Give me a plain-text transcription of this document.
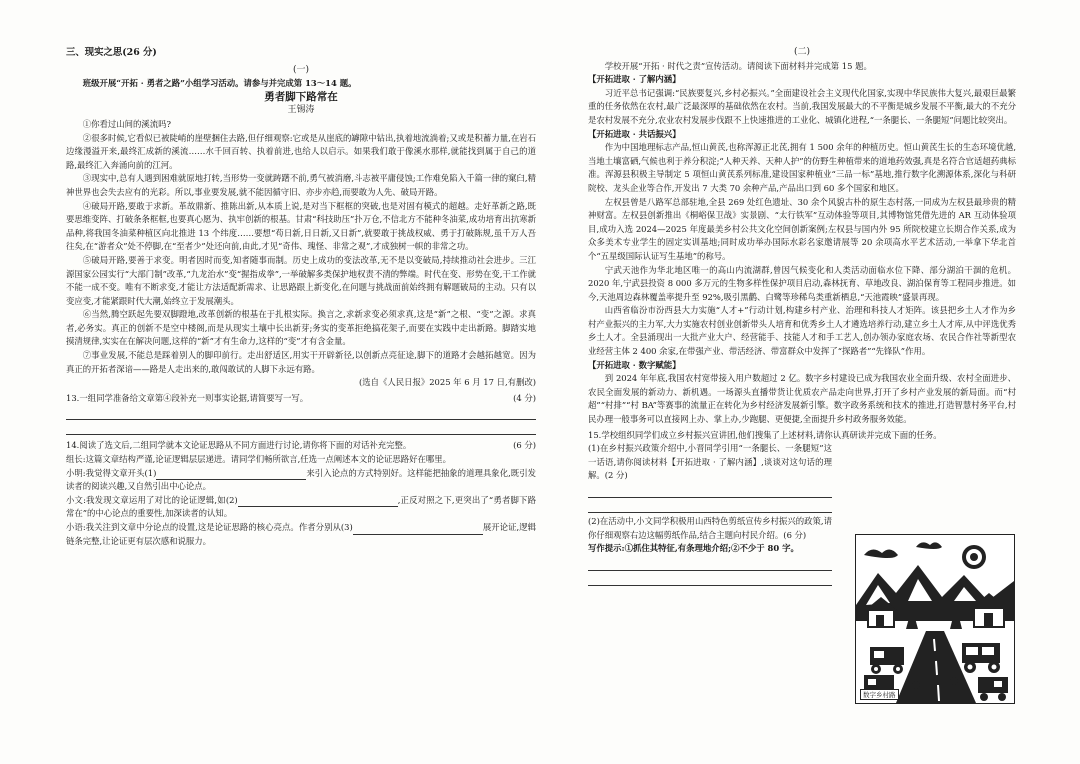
三、现实之思(26 分)

(一)

班级开展“开拓 · 勇者之路”小组学习活动。请参与并完成第 13～14 题。

勇者脚下路常在

王锡涛

①你看过山间的溪流吗?

②很多时候,它看似已被陡峭的崖壁捆住去路,但仔细观察:它或是从崖底的罅隙中钻出,执着地流淌着;又或是积蓄力量,在岩石边缘漫溢开来,最终汇成新的溪流……水千回百转、执着前进,也给人以启示。如果我们敢于像溪水那样,就能找到属于自己的道路,最终汇入奔涌向前的江河。

③现实中,总有人遇到困难就原地打转,当形势一变就踌躇不前,勇气被消磨,斗志被平庸侵蚀;工作难免陷入千篇一律的窠臼,精神世界也会失去应有的光彩。所以,事业要发展,就不能因循守旧、亦步亦趋,而要敢为人先、破局开路。

④破局开路,要敢于求新。革故鼎新、推陈出新,从本质上说,是对当下框框的突破,也是对固有模式的超越。走好革新之路,既要思维变阵、打破条条框框,也要真心愿为、执牢创新的根基。甘肃“科技助压”扑万仓,不信北方不能种冬油菜,成功培育出抗寒新品种,将我国冬油菜种植区向北推进 13 个纬度……要想“苟日新,日日新,又日新”,就要敢于挑战权威、勇于打破陈规,虽千万人吾往矣,在“游者众”处不停脚,在“至者少”处还向前,由此,才见“奇伟、瑰怪、非常之观”,才成独树一帜的非常之功。

⑤破局开路,要善于求变。明者因时而变,知者随事而制。历史上成功的变法改革,无不是以变破局,持续推动社会进步。三江源国家公园实行“大部门制”改革,“九龙治水”变“握指成拳”,一举破解多类保护地权责不清的弊端。时代在变、形势在变,干工作就不能一成不变。唯有不断求变,才能让方法适配新需求、让思路跟上新变化,在问题与挑战面前始终拥有解题破局的主动。只有以变应变,才能紧跟时代大潮,始终立于发展潮头。

⑥当然,腾空跃起先要双脚蹬地,改革创新的根基在于扎根实际。换言之,求新求变必须求真,这是“新”之根、“变”之源。求真者,必务实。真正的创新不是空中楼阁,而是从现实土壤中长出新芽;务实的变革拒绝搞花架子,而要在实践中走出新路。脚踏实地摸清规律,实实在在解决问题,这样的“新”才有生命力,这样的“变”才有含金量。

⑦事业发展,不能总是踩着别人的脚印前行。走出舒适区,用实干开辟新径,以创新点亮征途,脚下的道路才会越拓越宽。因为真正的开拓者深谙——路是人走出来的,敢闯敢试的人脚下永远有路。

(选自《人民日报》2025 年 6 月 17 日,有删改)

(4 分)
13.一组同学准备给文章第④段补充一则事实论据,请简要写一写。
(6 分)
14.阅读了选文后,二组同学就本文论证思路从不同方面进行讨论,请你将下面的对话补充完整。

组长:这篇文章结构严谨,论证逻辑层层递进。请同学们畅所欲言,任选一点阐述本文的论证思路好在哪里。

小明:我觉得文章开头(1)	来引入论点的方式特别好。这样能把抽象的道理具象化,既引发读者的阅读兴趣,又自然引出中心论点。

小文:我发现文章运用了对比的论证逻辑,如(2)	,正反对照之下,更突出了“勇者脚下路常在”的中心论点的重要性,加深读者的认知。

小语:我关注到文章中分论点的设置,这是论证思路的核心亮点。作者分别从(3)	展开论证,逻辑链条完整,让论证更有层次感和说服力。

(二)

学校开展“开拓 · 时代之责”宣传活动。请阅读下面材料并完成第 15 题。

【开拓进取 · 了解内涵】

习近平总书记强调:“民族要复兴,乡村必振兴。”全面建设社会主义现代化国家,实现中华民族伟大复兴,最艰巨最繁重的任务依然在农村,最广泛最深厚的基础依然在农村。当前,我国发展最大的不平衡是城乡发展不平衡,最大的不充分是农村发展不充分,农业农村发展步伐跟不上快速推进的工业化、城镇化进程,“一条腿长、一条腿短”问题比较突出。

【开拓进取 · 共话振兴】

作为中国地理标志产品,恒山黄芪,也称浑源正北芪,拥有 1 500 余年的种植历史。恒山黄芪生长的生态环境优越,当地土壤富硒,气候也利于养分积淀;“人种天养、天种人护”的仿野生种植带来的道地药效强,真是名符合官适超药典标准。浑源县积极主导制定 5 项恒山黄芪系列标准,建设国家种植业“三品一标”基地,推行数字化溯源体系,深化与科研院校、龙头企业等合作,开发出 7 大类 70 余种产品,产品出口到 60 多个国家和地区。

左权县曾是八路军总部驻地,全县 269 处红色遗址、30 余个风貌古朴的原生态村落,一同成为左权县最珍贵的精神财富。左权县创新推出《桐峪保卫战》实景剧、“太行铁军”互动体验等项目,其博物馆凭借先进的 AR 互动体验项目,成功入选 2024—2025 年度最美乡村公共文化空间创新案例;左权县与国内外 95 所院校建立长期合作关系,成为众多美术专业学生的固定实训基地;同时成功举办国际水彩名家邀请展等 20 余项高水平艺术活动,一举拿下华北首个“五星级国际认证写生基地”的称号。

宁武天池作为华北地区唯一的高山内流湖群,曾因气候变化和人类活动面临水位下降、部分湖泊干涸的危机。2020 年,宁武县投资 8 000 多万元的生物多样性保护项目启动,森林抚育、草地改良、湖泊保育等工程同步推进。如今,天池周边森林覆盖率提升至 92%,吸引黑鹳、白鹭等珍稀鸟类重新栖息,“天池霞映”盛景再现。

山西省临汾市汾西县大力实施“人才+”行动计划,构建乡村产业、治理和科技人才矩阵。该县把乡土人才作为乡村产业振兴的主力军,大力实施农村创业创新带头人培育和优秀乡土人才遴选培养行动,建立乡土人才库,从中评选优秀乡土人才。全县涌现出一大批产业大户、经营能手、技能人才和手工艺人,创办领办家庭农场、农民合作社等新型农业经营主体 2 400 余家,在带强产业、带活经济、带富群众中发挥了“探路者”“先锋队”作用。

【开拓进取 · 数字赋能】

到 2024 年年底,我国农村宽带接入用户数超过 2 亿。数字乡村建设已成为我国农业全面升级、农村全面进步、农民全面发展的新动力、新机遇。一场源头直播带货让优质农产品走向世界,打开了乡村产业发展的新局面。而“村超”“村排”“村 BA”等赛事的流量正在转化为乡村经济发展新引擎。数字政务系统和技术的推进,打造智慧村务平台,村民办理一般事务可以直接网上办、掌上办,少跑腿、更便捷,全面提升乡村政务服务效能。

15.学校组织同学们成立乡村振兴宣讲团,他们搜集了上述材料,请你认真研读并完成下面的任务。

(1)在乡村振兴政策介绍中,小晋同学引用“一条腿长、一条腿短”这一话语,请你阅读材料【开拓进取 · 了解内涵】,谈谈对这句话的理解。(2 分)

(2)在活动中,小文同学积极用山西特色剪纸宣传乡村振兴的政策,请你仔细观察右边这幅剪纸作品,结合主题向村民介绍。(6 分)

写作提示:①抓住其特征,有条理地介绍;②不少于 80 字。

数字乡村路
